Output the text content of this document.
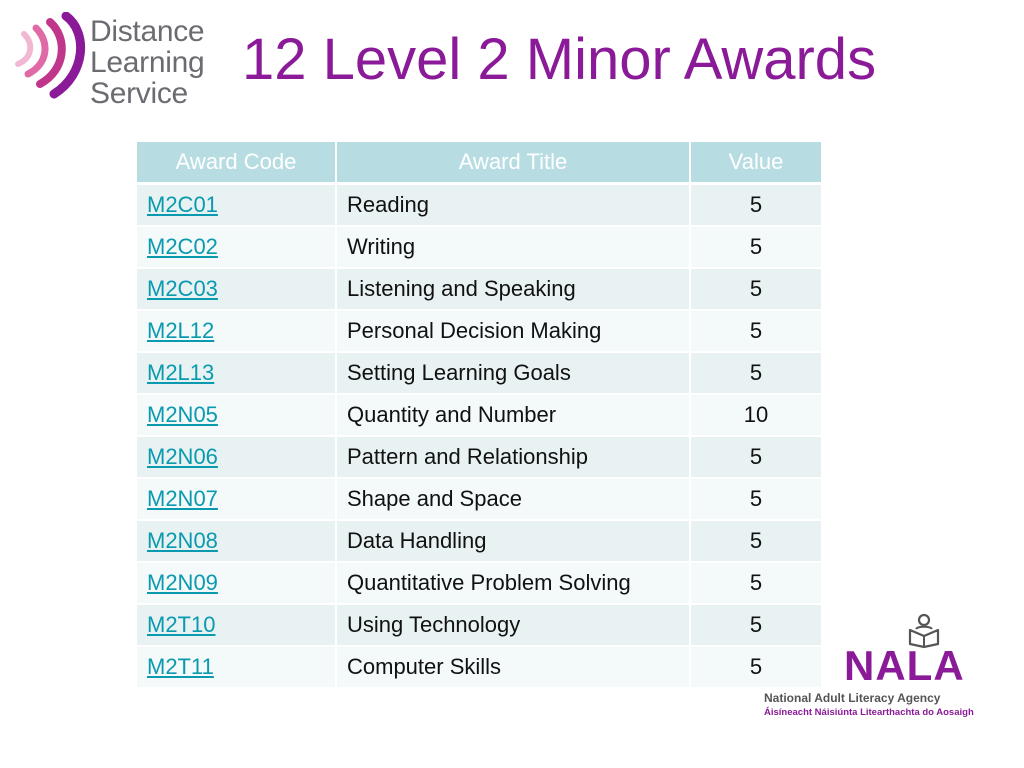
Distance
Learning
Service
12 Level 2 Minor Awards
Award Code	Award Title	Value
M2C01	Reading	5
M2C02	Writing	5
M2C03	Listening and Speaking	5
M2L12	Personal Decision Making	5
M2L13	Setting Learning Goals	5
M2N05	Quantity and Number	10
M2N06	Pattern and Relationship	5
M2N07	Shape and Space	5
M2N08	Data Handling	5
M2N09	Quantitative Problem Solving	5
M2T10	Using Technology	5
M2T11	Computer Skills	5 NALA
National Adult Literacy Agency
Áisíneacht Náisiúnta Litearthachta do Aosaigh
